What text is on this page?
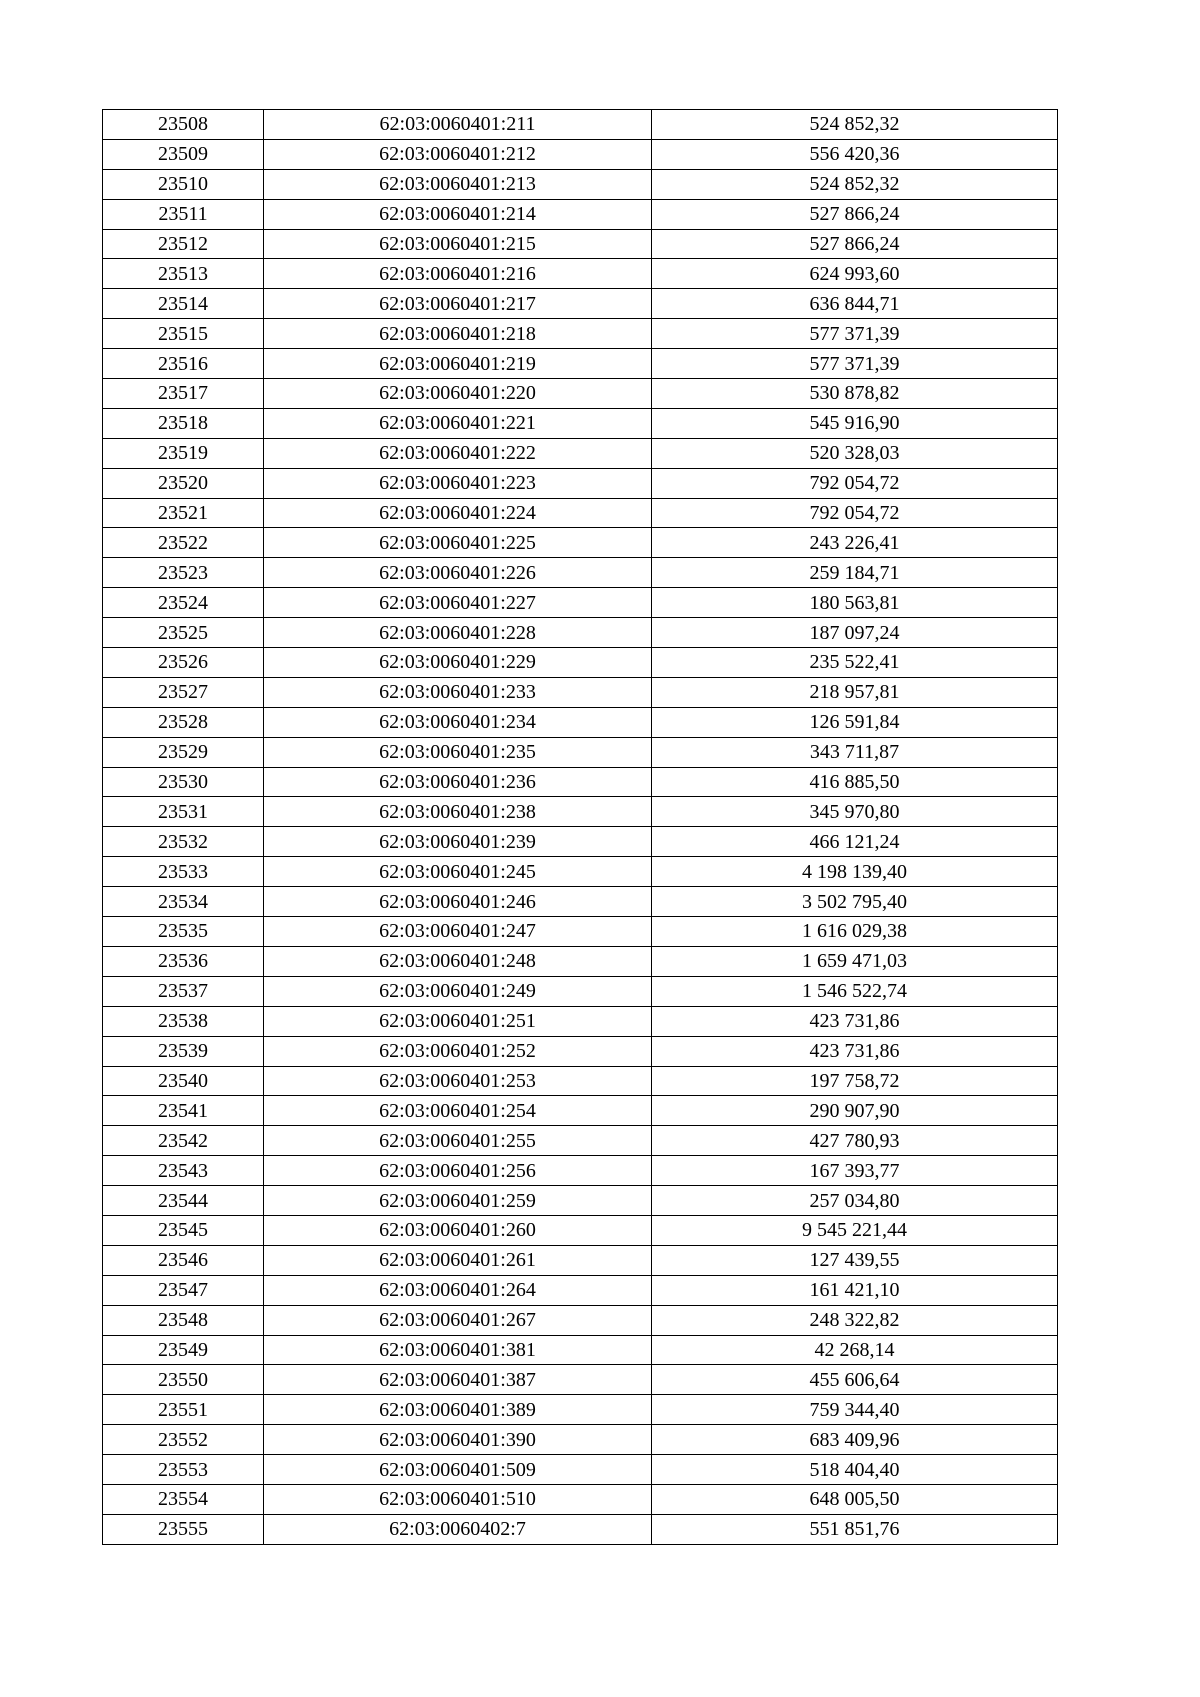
23508	62:03:0060401:211	524 852,32
23509	62:03:0060401:212	556 420,36
23510	62:03:0060401:213	524 852,32
23511	62:03:0060401:214	527 866,24
23512	62:03:0060401:215	527 866,24
23513	62:03:0060401:216	624 993,60
23514	62:03:0060401:217	636 844,71
23515	62:03:0060401:218	577 371,39
23516	62:03:0060401:219	577 371,39
23517	62:03:0060401:220	530 878,82
23518	62:03:0060401:221	545 916,90
23519	62:03:0060401:222	520 328,03
23520	62:03:0060401:223	792 054,72
23521	62:03:0060401:224	792 054,72
23522	62:03:0060401:225	243 226,41
23523	62:03:0060401:226	259 184,71
23524	62:03:0060401:227	180 563,81
23525	62:03:0060401:228	187 097,24
23526	62:03:0060401:229	235 522,41
23527	62:03:0060401:233	218 957,81
23528	62:03:0060401:234	126 591,84
23529	62:03:0060401:235	343 711,87
23530	62:03:0060401:236	416 885,50
23531	62:03:0060401:238	345 970,80
23532	62:03:0060401:239	466 121,24
23533	62:03:0060401:245	4 198 139,40
23534	62:03:0060401:246	3 502 795,40
23535	62:03:0060401:247	1 616 029,38
23536	62:03:0060401:248	1 659 471,03
23537	62:03:0060401:249	1 546 522,74
23538	62:03:0060401:251	423 731,86
23539	62:03:0060401:252	423 731,86
23540	62:03:0060401:253	197 758,72
23541	62:03:0060401:254	290 907,90
23542	62:03:0060401:255	427 780,93
23543	62:03:0060401:256	167 393,77
23544	62:03:0060401:259	257 034,80
23545	62:03:0060401:260	9 545 221,44
23546	62:03:0060401:261	127 439,55
23547	62:03:0060401:264	161 421,10
23548	62:03:0060401:267	248 322,82
23549	62:03:0060401:381	42 268,14
23550	62:03:0060401:387	455 606,64
23551	62:03:0060401:389	759 344,40
23552	62:03:0060401:390	683 409,96
23553	62:03:0060401:509	518 404,40
23554	62:03:0060401:510	648 005,50
23555	62:03:0060402:7	551 851,76
